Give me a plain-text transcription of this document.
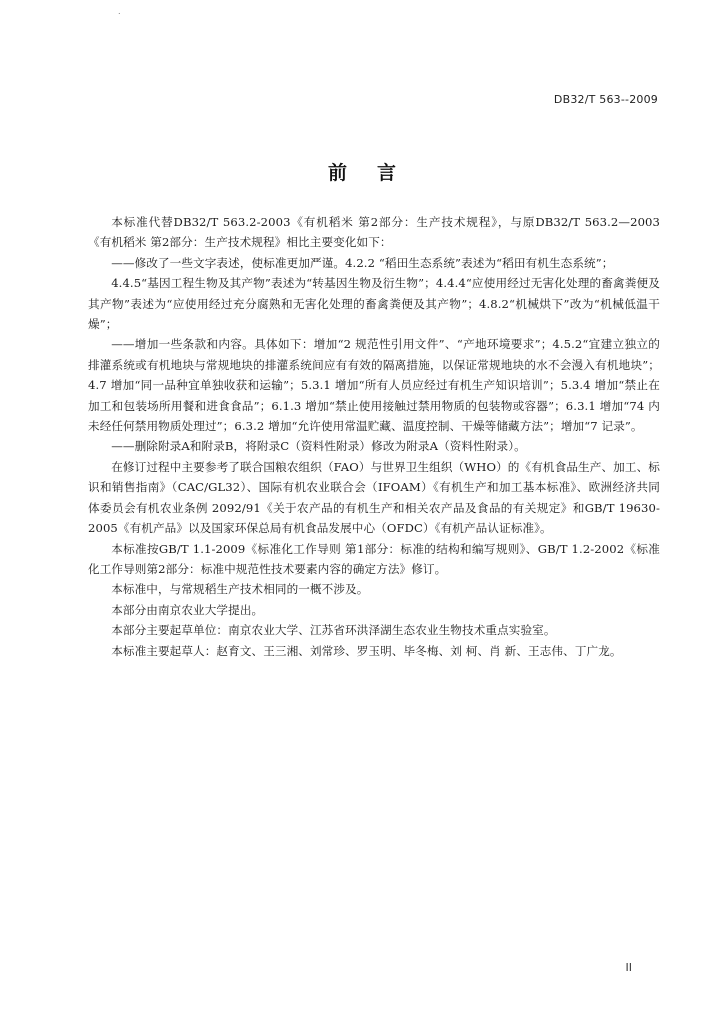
.
DB32/T 563--2009
前言

本标准代替DB32/T 563.2-2003《有机稻米 第2部分：生产技术规程》，与原DB32/T 563.2—2003《有机稻米 第2部分：生产技术规程》相比主要变化如下：

——修改了一些文字表述，使标准更加严谨。4.2.2 “稻田生态系统”表述为“稻田有机生态系统”；

4.4.5“基因工程生物及其产物”表述为“转基因生物及衍生物”；4.4.4“应使用经过无害化处理的畜禽粪便及其产物”表述为“应使用经过充分腐熟和无害化处理的畜禽粪便及其产物”；4.8.2“机械烘下”改为“机械低温干燥”；

——增加一些条款和内容。具体如下：增加“2 规范性引用文件”、“产地环境要求”；4.5.2“宜建立独立的排灌系统或有机地块与常规地块的排灌系统间应有有效的隔离措施，以保证常规地块的水不会漫入有机地块”；4.7 增加“同一品种宜单独收获和运输”；5.3.1 增加“所有人员应经过有机生产知识培训”；5.3.4 增加“禁止在加工和包装场所用餐和进食食品”；6.1.3 增加“禁止使用接触过禁用物质的包装物或容器”；6.3.1 增加“74 内未经任何禁用物质处理过”；6.3.2 增加“允许使用常温贮藏、温度控制、干燥等储藏方法”；增加“7 记录”。

——删除附录A和附录B，将附录C（资料性附录）修改为附录A（资料性附录）。

在修订过程中主要参考了联合国粮农组织（FAO）与世界卫生组织（WHO）的《有机食品生产、加工、标识和销售指南》（CAC/GL32）、国际有机农业联合会（IFOAM）《有机生产和加工基本标准》、欧洲经济共同体委员会有机农业条例 2092/91《关于农产品的有机生产和相关农产品及食品的有关规定》和GB/T 19630-2005《有机产品》以及国家环保总局有机食品发展中心（OFDC）《有机产品认证标准》。

本标准按GB/T 1.1-2009《标准化工作导则 第1部分：标准的结构和编写规则》、GB/T 1.2-2002《标准化工作导则第2部分：标准中规范性技术要素内容的确定方法》修订。

本标准中，与常规稻生产技术相同的一概不涉及。

本部分由南京农业大学提出。

本部分主要起草单位：南京农业大学、江苏省环洪泽湖生态农业生物技术重点实验室。

本标准主要起草人：赵育文、王三湘、刘常珍、罗玉明、毕冬梅、刘 柯、肖 新、王志伟、丁广龙。

II
